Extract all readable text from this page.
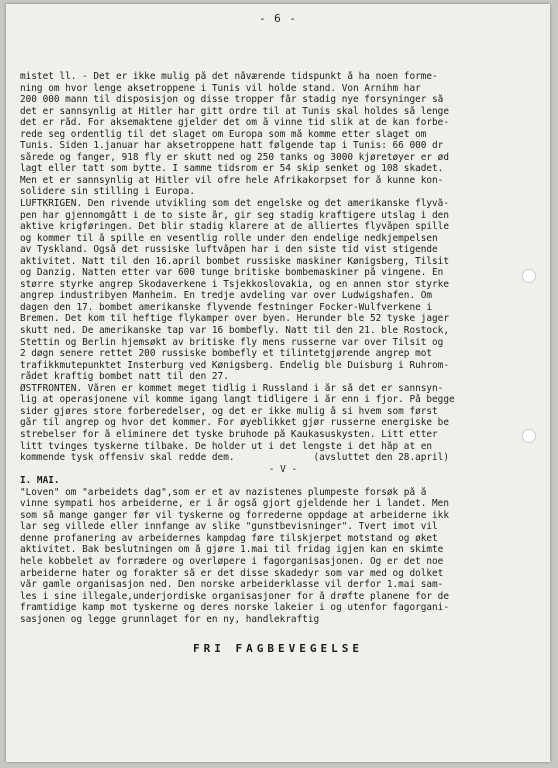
- 6 -
mistet ll. - Det er ikke mulig på det nåværende tidspunkt å ha noen forme-
ning om hvor lenge aksetroppene i Tunis vil holde stand. Von Arnihm har
200 000 mann til disposisjon og disse tropper får stadig nye forsyninger så
det er sannsynlig at Hitler har gitt ordre til at Tunis skal holdes så lenge
det er råd. For aksemaktene gjelder det om å vinne tid slik at de kan forbe-
rede seg ordentlig til det slaget om Europa som må komme etter slaget om
Tunis. Siden 1.januar har aksetroppene hatt følgende tap i Tunis: 66 000 dr
sårede og fanger, 918 fly er skutt ned og 250 tanks og 3000 kjøretøyer er ød
lagt eller tatt som bytte. I samme tidsrom er 54 skip senket og 108 skadet.
Men et er sannsynlig at Hitler vil ofre hele Afrikakorpset for å kunne kon-
solidere sin stilling i Europa.
LUFTKRIGEN. Den rivende utvikling som det engelske og det amerikanske flyvå-
pen har gjennomgått i de to siste år, gir seg stadig kraftigere utslag i den
aktive krigføringen. Det blir stadig klarere at de alliertes flyvåpen spille
og kommer til å spille en vesentlig rolle under den endelige nedkjempelsen
av Tyskland. Også det russiske luftvåpen har i den siste tid vist stigende
aktivitet. Natt til den 16.april bombet russiske maskiner Kønigsberg, Tilsit
og Danzig. Natten etter var 600 tunge britiske bombemaskiner på vingene. En
større styrke angrep Skodaverkene i Tsjekkoslovakia, og en annen stor styrke
angrep industribyen Manheim. En tredje avdeling var over Ludwigshafen. Om
dagen den 17. bombet amerikanske flyvende festninger Focker-Wulfverkene i
Bremen. Det kom til heftige flykamper over byen. Herunder ble 52 tyske jager
skutt ned. De amerikanske tap var 16 bombefly. Natt til den 21. ble Rostock,
Stettin og Berlin hjemsøkt av britiske fly mens russerne var over Tilsit og
2 døgn senere rettet 200 russiske bombefly et tilintetgjørende angrep mot
trafikkmutepunktet Insterburg ved Kønigsberg. Endelig ble Duisburg i Ruhrom-
rådet kraftig bombet natt til den 27.
ØSTFRONTEN. Våren er kommet meget tidlig i Russland i år så det er sannsyn-
lig at operasjonene vil komme igang langt tidligere i år enn i fjor. På begge
sider gjøres store forberedelser, og det er ikke mulig å si hvem som først
går til angrep og hvor det kommer. For øyeblikket gjør russerne energiske be
strebelser for å eliminere det tyske bruhode på Kaukasuskysten. Litt etter
litt tvinges tyskerne tilbake. De holder ut i det lengste i det håp at en
kommende tysk offensiv skal redde dem.              (avsluttet den 28.april)
- V -
I. MAI.
"Loven" om "arbeidets dag",som er et av nazistenes plumpeste forsøk på å
vinne sympati hos arbeiderne, er i år også gjort gjeldende her i landet. Men
som så mange ganger før vil tyskerne og forrederne oppdage at arbeiderne ikk
lar seg villede eller innfange av slike "gunstbevisninger". Tvert imot vil
denne profanering av arbeidernes kampdag føre tilskjerpet motstand og øket
aktivitet. Bak beslutningen om å gjøre 1.mai til fridag igjen kan en skimte
hele kobbelet av forrædere og overløpere i fagorganisasjonen. Og er det noe
arbeiderne hater og forakter så er det disse skadedyr som var med og dolket
vår gamle organisasjon ned. Den norske arbeiderklasse vil derfor 1.mai sam-
les i sine illegale,underjordiske organisasjoner for å drøfte planene for de
framtidige kamp mot tyskerne og deres norske lakeier i og utenfor fagorgani-
sasjonen og legge grunnlaget for en ny, handlekraftig
FRI FAGBEVEGELSE
